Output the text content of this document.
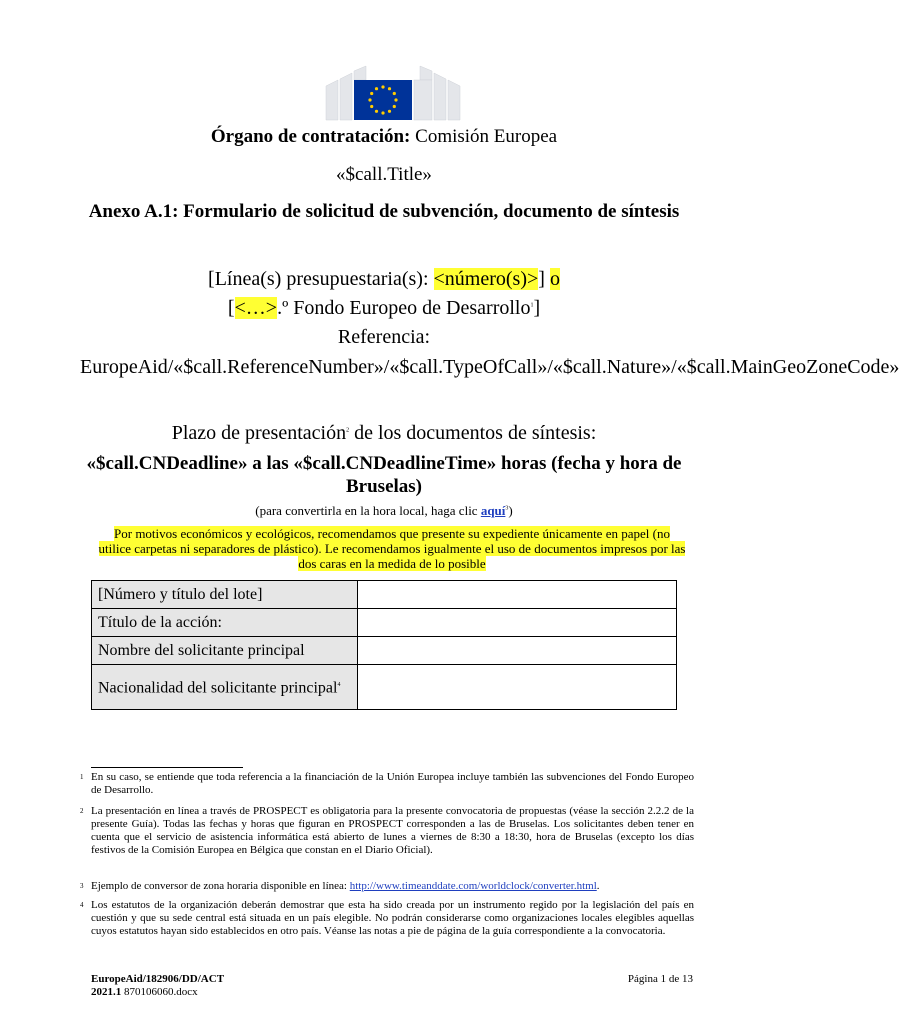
Órgano de contratación: Comisión Europea
«$call.Title»
Anexo A.1: Formulario de solicitud de subvención, documento de síntesis
[Línea(s) presupuestaria(s): <número(s)>] o
[<…>.º Fondo Europeo de Desarrollo$^1$]
Referencia:
EuropeAid/«$call.ReferenceNumber»/«$call.TypeOfCall»/«$call.Nature»/«$call.MainGeoZoneCode»
Plazo de presentación$^2$ de los documentos de síntesis:
«$call.CNDeadline» a las «$call.CNDeadlineTime» horas (fecha y hora de Bruselas)
(para convertirla en la hora local, haga clic aquí$^3$)
Por motivos económicos y ecológicos, recomendamos que presente su expediente únicamente en papel (no utilice carpetas ni separadores de plástico). Le recomendamos igualmente el uso de documentos impresos por las dos caras en la medida de lo posible
[Número y título del lote]	
Título de la acción:	
Nombre del solicitante principal	
Nacionalidad del solicitante principal$^4$	
1 En su caso, se entiende que toda referencia a la financiación de la Unión Europea incluye también las subvenciones del Fondo Europeo de Desarrollo.
2 La presentación en línea a través de PROSPECT es obligatoria para la presente convocatoria de propuestas (véase la sección 2.2.2 de la presente Guía). Todas las fechas y horas que figuran en PROSPECT corresponden a las de Bruselas. Los solicitantes deben tener en cuenta que el servicio de asistencia informática está abierto de lunes a viernes de 8:30 a 18:30, hora de Bruselas (excepto los días festivos de la Comisión Europea en Bélgica que constan en el Diario Oficial).
3 Ejemplo de conversor de zona horaria disponible en línea: http://www.timeanddate.com/worldclock/converter.html.
4 Los estatutos de la organización deberán demostrar que esta ha sido creada por un instrumento regido por la legislación del país en cuestión y que su sede central está situada en un país elegible. No podrán considerarse como organizaciones locales elegibles aquellas cuyos estatutos hayan sido establecidos en otro país. Véanse las notas a pie de página de la guía correspondiente a la convocatoria.
EuropeAid/182906/DD/ACT
2021.1 870106060.docx
Página 1 de 13
